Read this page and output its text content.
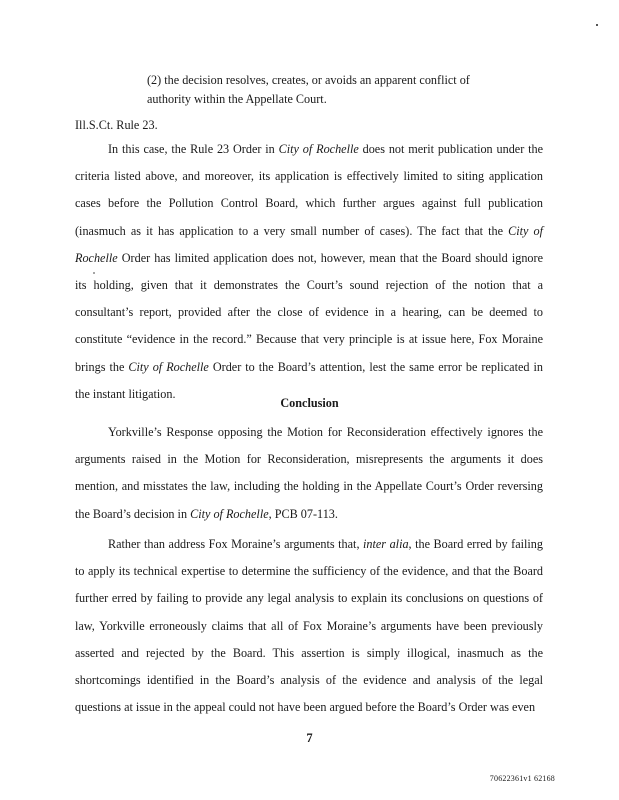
(2) the decision resolves, creates, or avoids an apparent conflict of
authority within the Appellate Court.
Ill.S.Ct. Rule 23.

In this case, the Rule 23 Order in City of Rochelle does not merit publication under the criteria listed above, and moreover, its application is effectively limited to siting application cases before the Pollution Control Board, which further argues against full publication (inasmuch as it has application to a very small number of cases). The fact that the City of Rochelle Order has limited application does not, however, mean that the Board should ignore its holding, given that it demonstrates the Court’s sound rejection of the notion that a consultant’s report, provided after the close of evidence in a hearing, can be deemed to constitute “evidence in the record.” Because that very principle is at issue here, Fox Moraine brings the City of Rochelle Order to the Board’s attention, lest the same error be replicated in the instant litigation.

Conclusion

Yorkville’s Response opposing the Motion for Reconsideration effectively ignores the arguments raised in the Motion for Reconsideration, misrepresents the arguments it does mention, and misstates the law, including the holding in the Appellate Court’s Order reversing the Board’s decision in City of Rochelle, PCB 07-113.

Rather than address Fox Moraine’s arguments that, inter alia, the Board erred by failing to apply its technical expertise to determine the sufficiency of the evidence, and that the Board further erred by failing to provide any legal analysis to explain its conclusions on questions of law, Yorkville erroneously claims that all of Fox Moraine’s arguments have been previously asserted and rejected by the Board. This assertion is simply illogical, inasmuch as the shortcomings identified in the Board’s analysis of the evidence and analysis of the legal questions at issue in the appeal could not have been argued before the Board’s Order was even

7
70622361v1 62168
